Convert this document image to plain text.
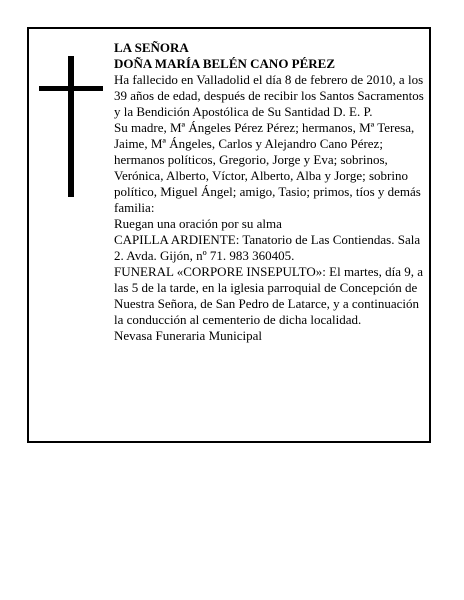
LA SEÑORA

DOÑA MARÍA BELÉN CANO PÉREZ

Ha fallecido en Valladolid el día 8 de febrero de 2010, a los 39 años de edad, después de recibir los Santos Sacramentos y la Bendición Apostólica de Su Santidad D. E. P.

Su madre, Mª Ángeles Pérez Pérez; hermanos, Mª Teresa, Jaime, Mª Ángeles, Carlos y Alejandro Cano Pérez; hermanos políticos, Gregorio, Jorge y Eva; sobrinos, Verónica, Alberto, Víctor, Alberto, Alba y Jorge; sobrino político, Miguel Ángel; amigo, Tasio; primos, tíos y demás familia:

Ruegan una oración por su alma

CAPILLA ARDIENTE: Tanatorio de Las Contiendas. Sala 2. Avda. Gijón, nº 71. 983 360405.

FUNERAL «CORPORE INSEPULTO»: El martes, día 9, a las 5 de la tarde, en la iglesia parroquial de Concepción de Nuestra Señora, de San Pedro de Latarce, y a continuación la conducción al cementerio de dicha localidad.

Nevasa Funeraria Municipal
